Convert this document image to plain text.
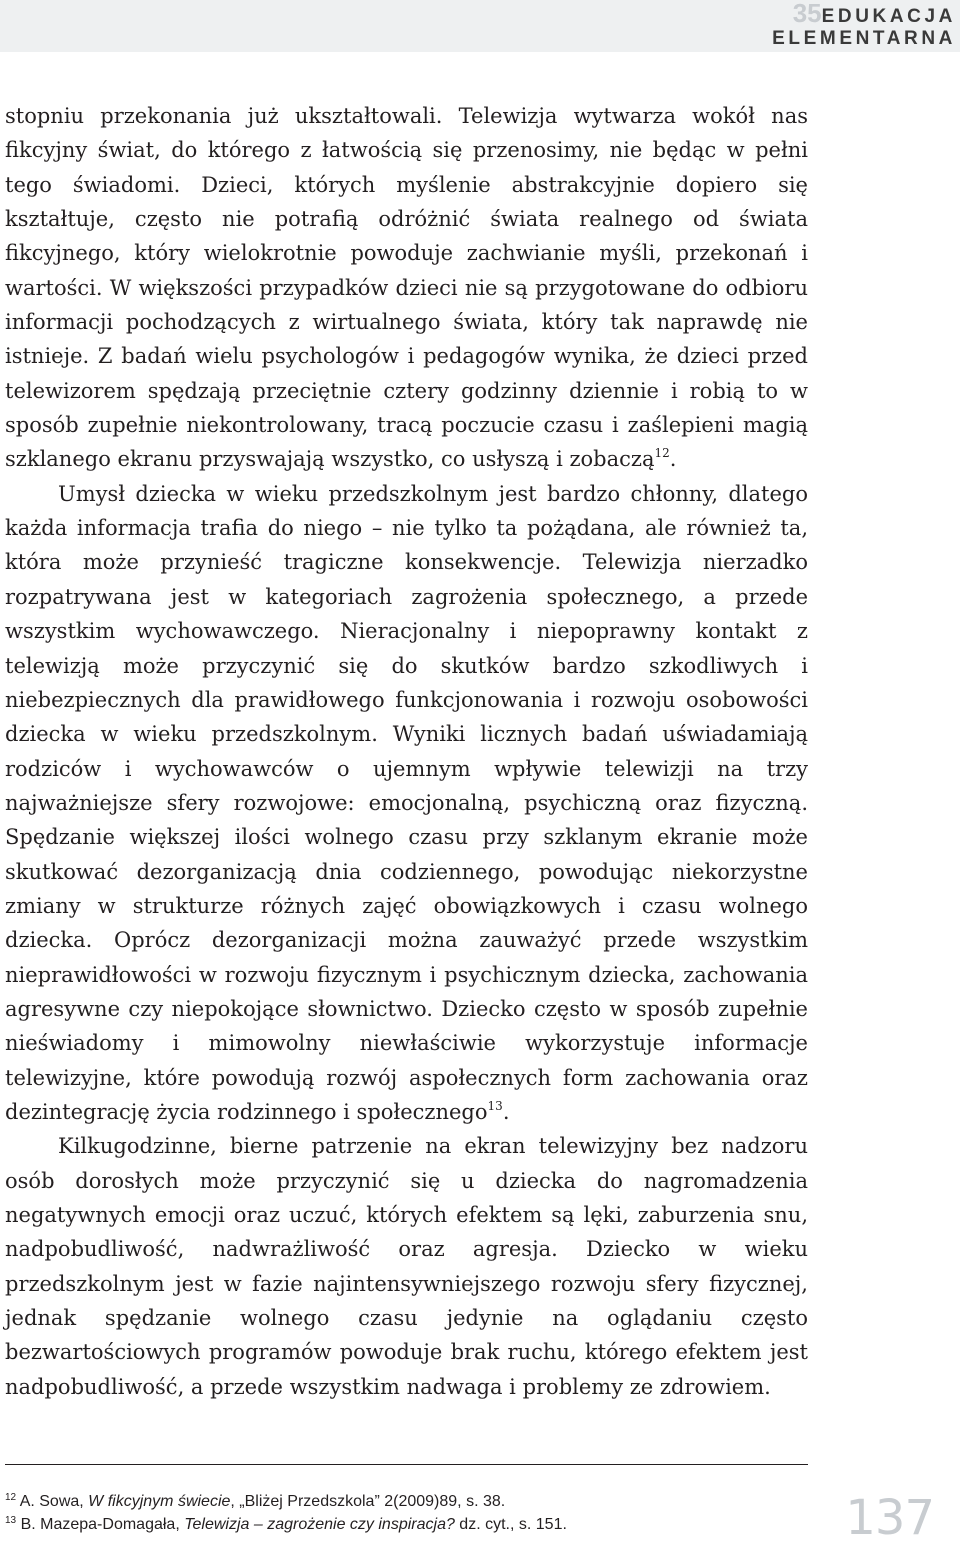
35EDUKACJA
ELEMENTARNA

stopniu przekonania już ukształtowali. Telewizja wytwarza wokół nas fikcyjny świat, do którego z łatwością się przenosimy, nie będąc w pełni tego świadomi. Dzieci, których myślenie abstrakcyjnie dopiero się kształtuje, często nie potrafią odróżnić świata realnego od świata fikcyjnego, który wielokrotnie powoduje zachwianie myśli, przekonań i wartości. W większości przypadków dzieci nie są przygotowane do odbioru informacji pochodzących z wirtualnego świata, który tak naprawdę nie istnieje. Z badań wielu psychologów i pedagogów wynika, że dzieci przed telewizorem spędzają przeciętnie cztery godzinny dziennie i robią to w sposób zupełnie niekontrolowany, tracą poczucie czasu i zaślepieni magią szklanego ekranu przyswajają wszystko, co usłyszą i zobaczą$^{12}$.

Umysł dziecka w wieku przedszkolnym jest bardzo chłonny, dlatego każda informacja trafia do niego – nie tylko ta pożądana, ale również ta, która może przynieść tragiczne konsekwencje. Telewizja nierzadko rozpatrywana jest w kategoriach zagrożenia społecznego, a przede wszystkim wychowawczego. Nieracjonalny i niepoprawny kontakt z telewizją może przyczynić się do skutków bardzo szkodliwych i niebezpiecznych dla prawidłowego funkcjonowania i rozwoju osobowości dziecka w wieku przedszkolnym. Wyniki licznych badań uświadamiają rodziców i wychowawców o ujemnym wpływie telewizji na trzy najważniejsze sfery rozwojowe: emocjonalną, psychiczną oraz fizyczną. Spędzanie większej ilości wolnego czasu przy szklanym ekranie może skutkować dezorganizacją dnia codziennego, powodując niekorzystne zmiany w strukturze różnych zajęć obowiązkowych i czasu wolnego dziecka. Oprócz dezorganizacji można zauważyć przede wszystkim nieprawidłowości w rozwoju fizycznym i psychicznym dziecka, zachowania agresywne czy niepokojące słownictwo. Dziecko często w sposób zupełnie nieświadomy i mimowolny niewłaściwie wykorzystuje informacje telewizyjne, które powodują rozwój aspołecznych form zachowania oraz dezintegrację życia rodzinnego i społecznego$^{13}$.

Kilkugodzinne, bierne patrzenie na ekran telewizyjny bez nadzoru osób dorosłych może przyczynić się u dziecka do nagromadzenia negatywnych emocji oraz uczuć, których efektem są lęki, zaburzenia snu, nadpobudliwość, nadwrażliwość oraz agresja. Dziecko w wieku przedszkolnym jest w fazie najintensywniejszego rozwoju sfery fizycznej, jednak spędzanie wolnego czasu jedynie na oglądaniu często bezwartościowych programów powoduje brak ruchu, którego efektem jest nadpobudliwość, a przede wszystkim nadwaga i problemy ze zdrowiem.

$^{12}$ A. Sowa, W fikcyjnym świecie, „Bliżej Przedszkola” 2(2009)89, s. 38.
$^{13}$ B. Mazepa-Domagała, Telewizja – zagrożenie czy inspiracja? dz. cyt., s. 151.	137
